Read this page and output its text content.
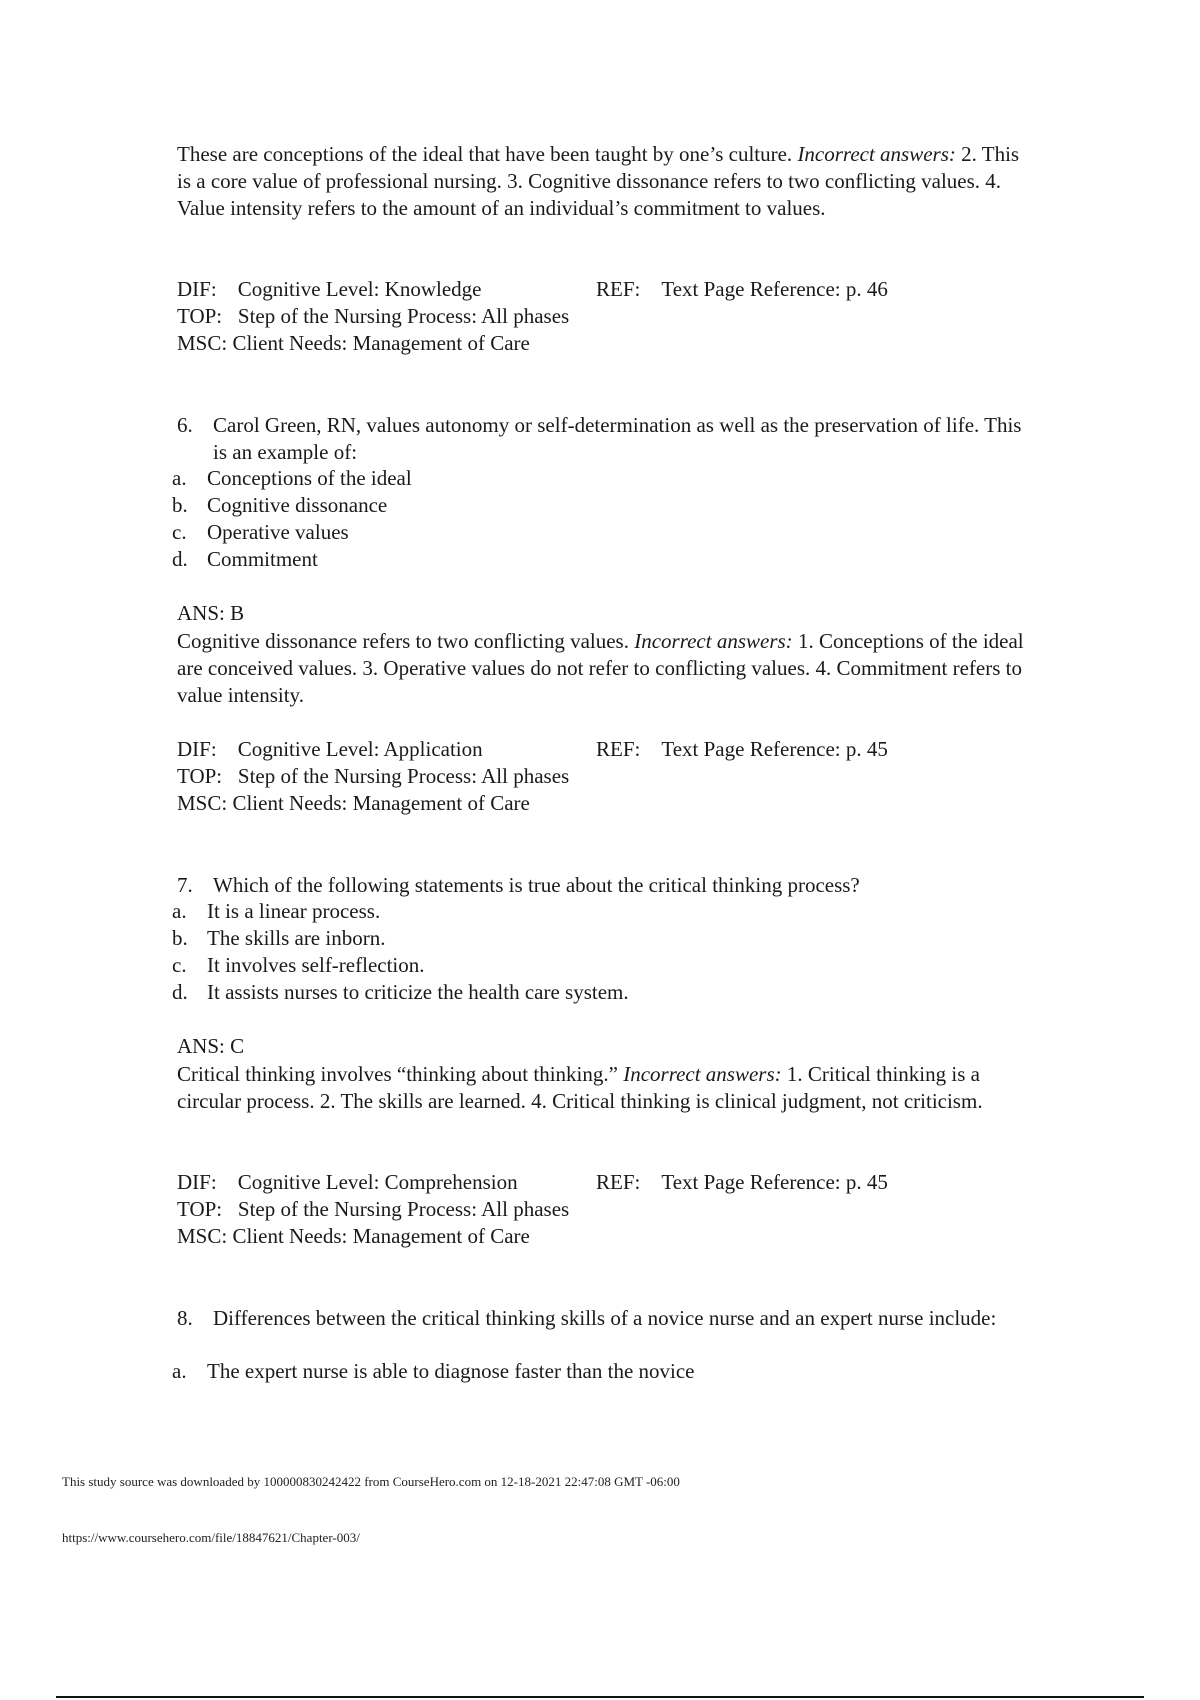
These are conceptions of the ideal that have been taught by one’s culture. Incorrect answers: 2. This is a core value of professional nursing. 3. Cognitive dissonance refers to two conflicting values. 4. Value intensity refers to the amount of an individual’s commitment to values.
DIF: Cognitive Level: Knowledge	REF: Text Page Reference: p. 46
TOP: Step of the Nursing Process: All phases
MSC: Client Needs: Management of Care
6. Carol Green, RN, values autonomy or self-determination as well as the preservation of life. This is an example of:
a. Conceptions of the ideal
b. Cognitive dissonance
c. Operative values
d. Commitment
ANS: B
Cognitive dissonance refers to two conflicting values. Incorrect answers: 1. Conceptions of the ideal are conceived values. 3. Operative values do not refer to conflicting values. 4. Commitment refers to value intensity.
DIF: Cognitive Level: Application	REF: Text Page Reference: p. 45
TOP: Step of the Nursing Process: All phases
MSC: Client Needs: Management of Care
7. Which of the following statements is true about the critical thinking process?
a. It is a linear process.
b. The skills are inborn.
c. It involves self-reflection.
d. It assists nurses to criticize the health care system.
ANS: C
Critical thinking involves “thinking about thinking.” Incorrect answers: 1. Critical thinking is a circular process. 2. The skills are learned. 4. Critical thinking is clinical judgment, not criticism.
DIF: Cognitive Level: Comprehension	REF: Text Page Reference: p. 45
TOP: Step of the Nursing Process: All phases
MSC: Client Needs: Management of Care
8. Differences between the critical thinking skills of a novice nurse and an expert nurse include:
a. The expert nurse is able to diagnose faster than the novice
This study source was downloaded by 100000830242422 from CourseHero.com on 12-18-2021 22:47:08 GMT -06:00
https://www.coursehero.com/file/18847621/Chapter-003/
